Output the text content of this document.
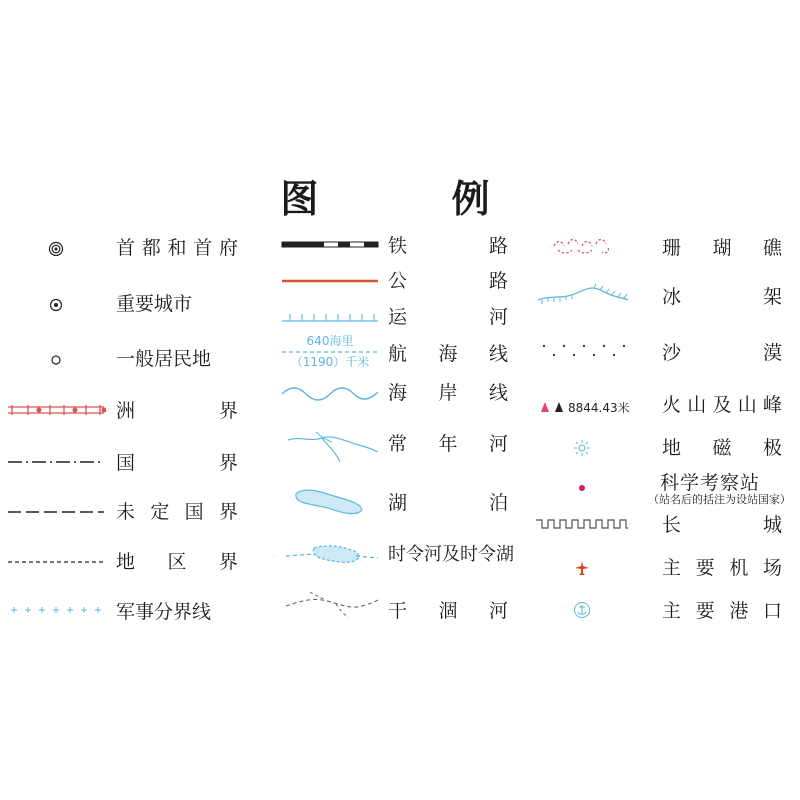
图 例
首 都 和 首 府
重要城市
一般居民地
洲	界
国	界
未 定 国 界
地 区 界
军事分界线
铁	路
公	路
运	河
640海里
（1190）千米 航 海 线
海 岸 线
常 年 河
湖	泊
时令河及时令湖
干 涸 河
珊 瑚 礁
冰	架
沙	漠
8844.43米 火 山 及 山 峰
地 磁 极
科学考察站
（站名后的括注为设站国家）
长	城
主 要 机 场
主 要 港 口
